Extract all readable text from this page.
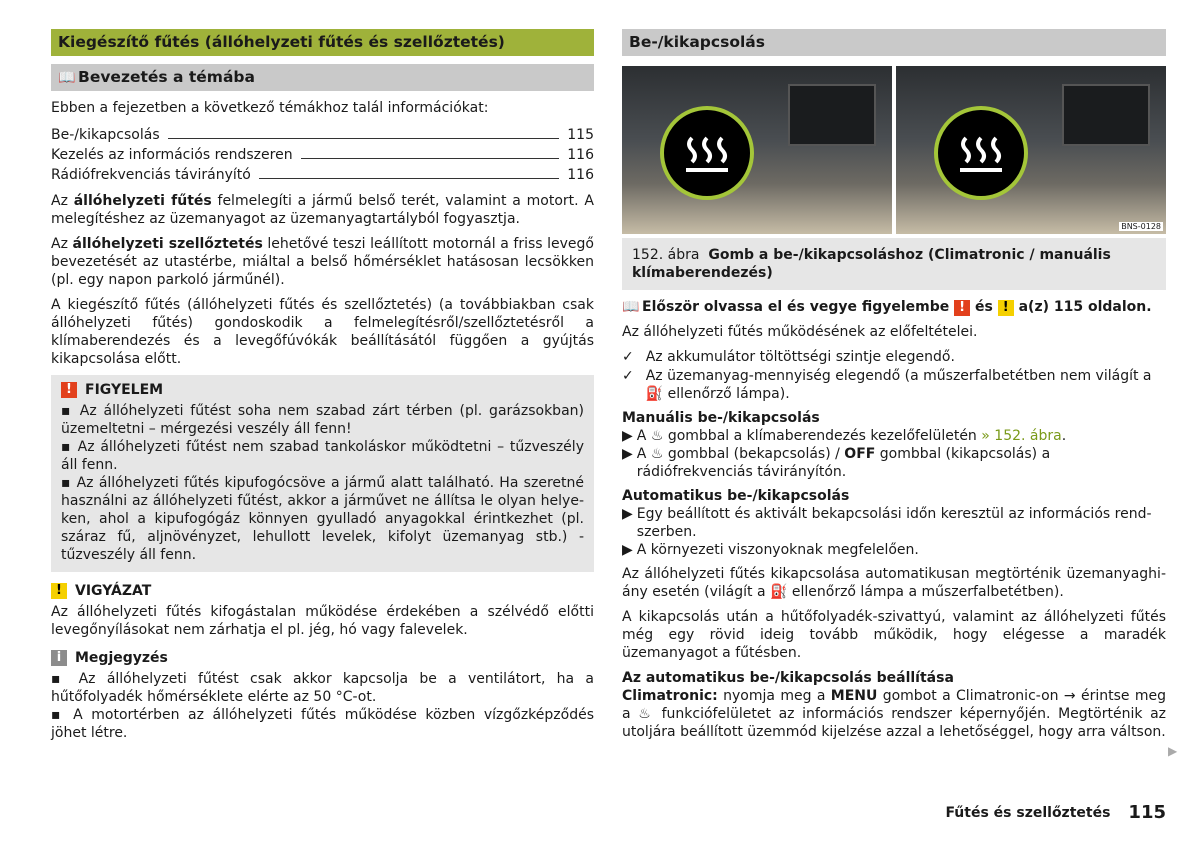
Kiegészítő fűtés (állóhelyzeti fűtés és szellőztetés)
📖 Bevezetés a témába

Ebben a fejezetben a következő témákhoz talál információkat:

Be-/kikapcsolás	115
Kezelés az információs rendszeren	116
Rádiófrekvenciás távirányító	116

Az állóhelyzeti fűtés felmelegíti a jármű belső terét, valamint a motort. A melegítéshez az üzemanyagot az üzemanyagtartályból fogyasztja.

Az állóhelyzeti szellőztetés lehetővé teszi leállított motornál a friss levegő bevezetését az utastérbe, miáltal a belső hőmérséklet hatásosan lecsökken (pl. egy napon parkoló járműnél).

A kiegészítő fűtés (állóhelyzeti fűtés és szellőztetés) (a továbbiakban csak állóhelyzeti fűtés) gondoskodik a felmelegítésről/szellőztetésről a klímaberendezés és a levegőfúvókák beállításától függően a gyújtás kikapcsolása előtt.

! FIGYELEM

▪ Az állóhelyzeti fűtést soha nem szabad zárt térben (pl. garázsokban) üzemeltetni – mérgezési veszély áll fenn!

▪ Az állóhelyzeti fűtést nem szabad tankoláskor működtetni – tűzveszély áll fenn.

▪ Az állóhelyzeti fűtés kipufogócsöve a jármű alatt található. Ha szeretné használni az állóhelyzeti fűtést, akkor a járművet ne állítsa le olyan helyeken, ahol a kipufogógáz könnyen gyulladó anyagokkal érintkezhet (pl. száraz fű, aljnövényzet, lehullott levelek, kifolyt üzemanyag stb.) - tűzveszély áll fenn.

! VIGYÁZAT

Az állóhelyzeti fűtés kifogástalan működése érdekében a szélvédő előtti levegőnyílásokat nem zárhatja el pl. jég, hó vagy falevelek.

i Megjegyzés

▪ Az állóhelyzeti fűtést csak akkor kapcsolja be a ventilátort, ha a hűtőfolyadék hőmérséklete elérte az 50 °C-ot.

▪ A motortérben az állóhelyzeti fűtés működése közben vízgőzképződés jöhet létre.

Be-/kikapcsolás
BNS-0128
152. ábra Gomb a be-/kikapcsoláshoz (Climatronic / manuális klímaberendezés)

📖 Először olvassa el és vegye figyelembe ! és ! a(z) 115 oldalon.

Az állóhelyzeti fűtés működésének az előfeltételei.

✓ Az akkumulátor töltöttségi szintje elegendő.
✓ Az üzemanyag-mennyiség elegendő (a műszerfalbetétben nem világít a ⛽ ellenőrző lámpa).

Manuális be-/kikapcsolás

▶ A ♨ gombbal a klímaberendezés kezelőfelületén » 152. ábra.
▶ A ♨ gombbal (bekapcsolás) / OFF gombbal (kikapcsolás) a rádiófrekvenciás távirányítón.

Automatikus be-/kikapcsolás

▶ Egy beállított és aktivált bekapcsolási időn keresztül az információs rendszerben.
▶ A környezeti viszonyoknak megfelelően.

Az állóhelyzeti fűtés kikapcsolása automatikusan megtörténik üzemanyaghiány esetén (világít a ⛽ ellenőrző lámpa a műszerfalbetétben).

A kikapcsolás után a hűtőfolyadék-szivattyú, valamint az állóhelyzeti fűtés még egy rövid ideig tovább működik, hogy elégesse a maradék üzemanyagot a fűtésben.

Az automatikus be-/kikapcsolás beállítása

Climatronic: nyomja meg a MENU gombot a Climatronic-on → érintse meg a ♨ funkciófelületet az információs rendszer képernyőjén. Megtörténik az utoljára beállított üzemmód kijelzése azzal a lehetőséggel, hogy arra váltson.

▶
Fűtés és szellőztetés 115
